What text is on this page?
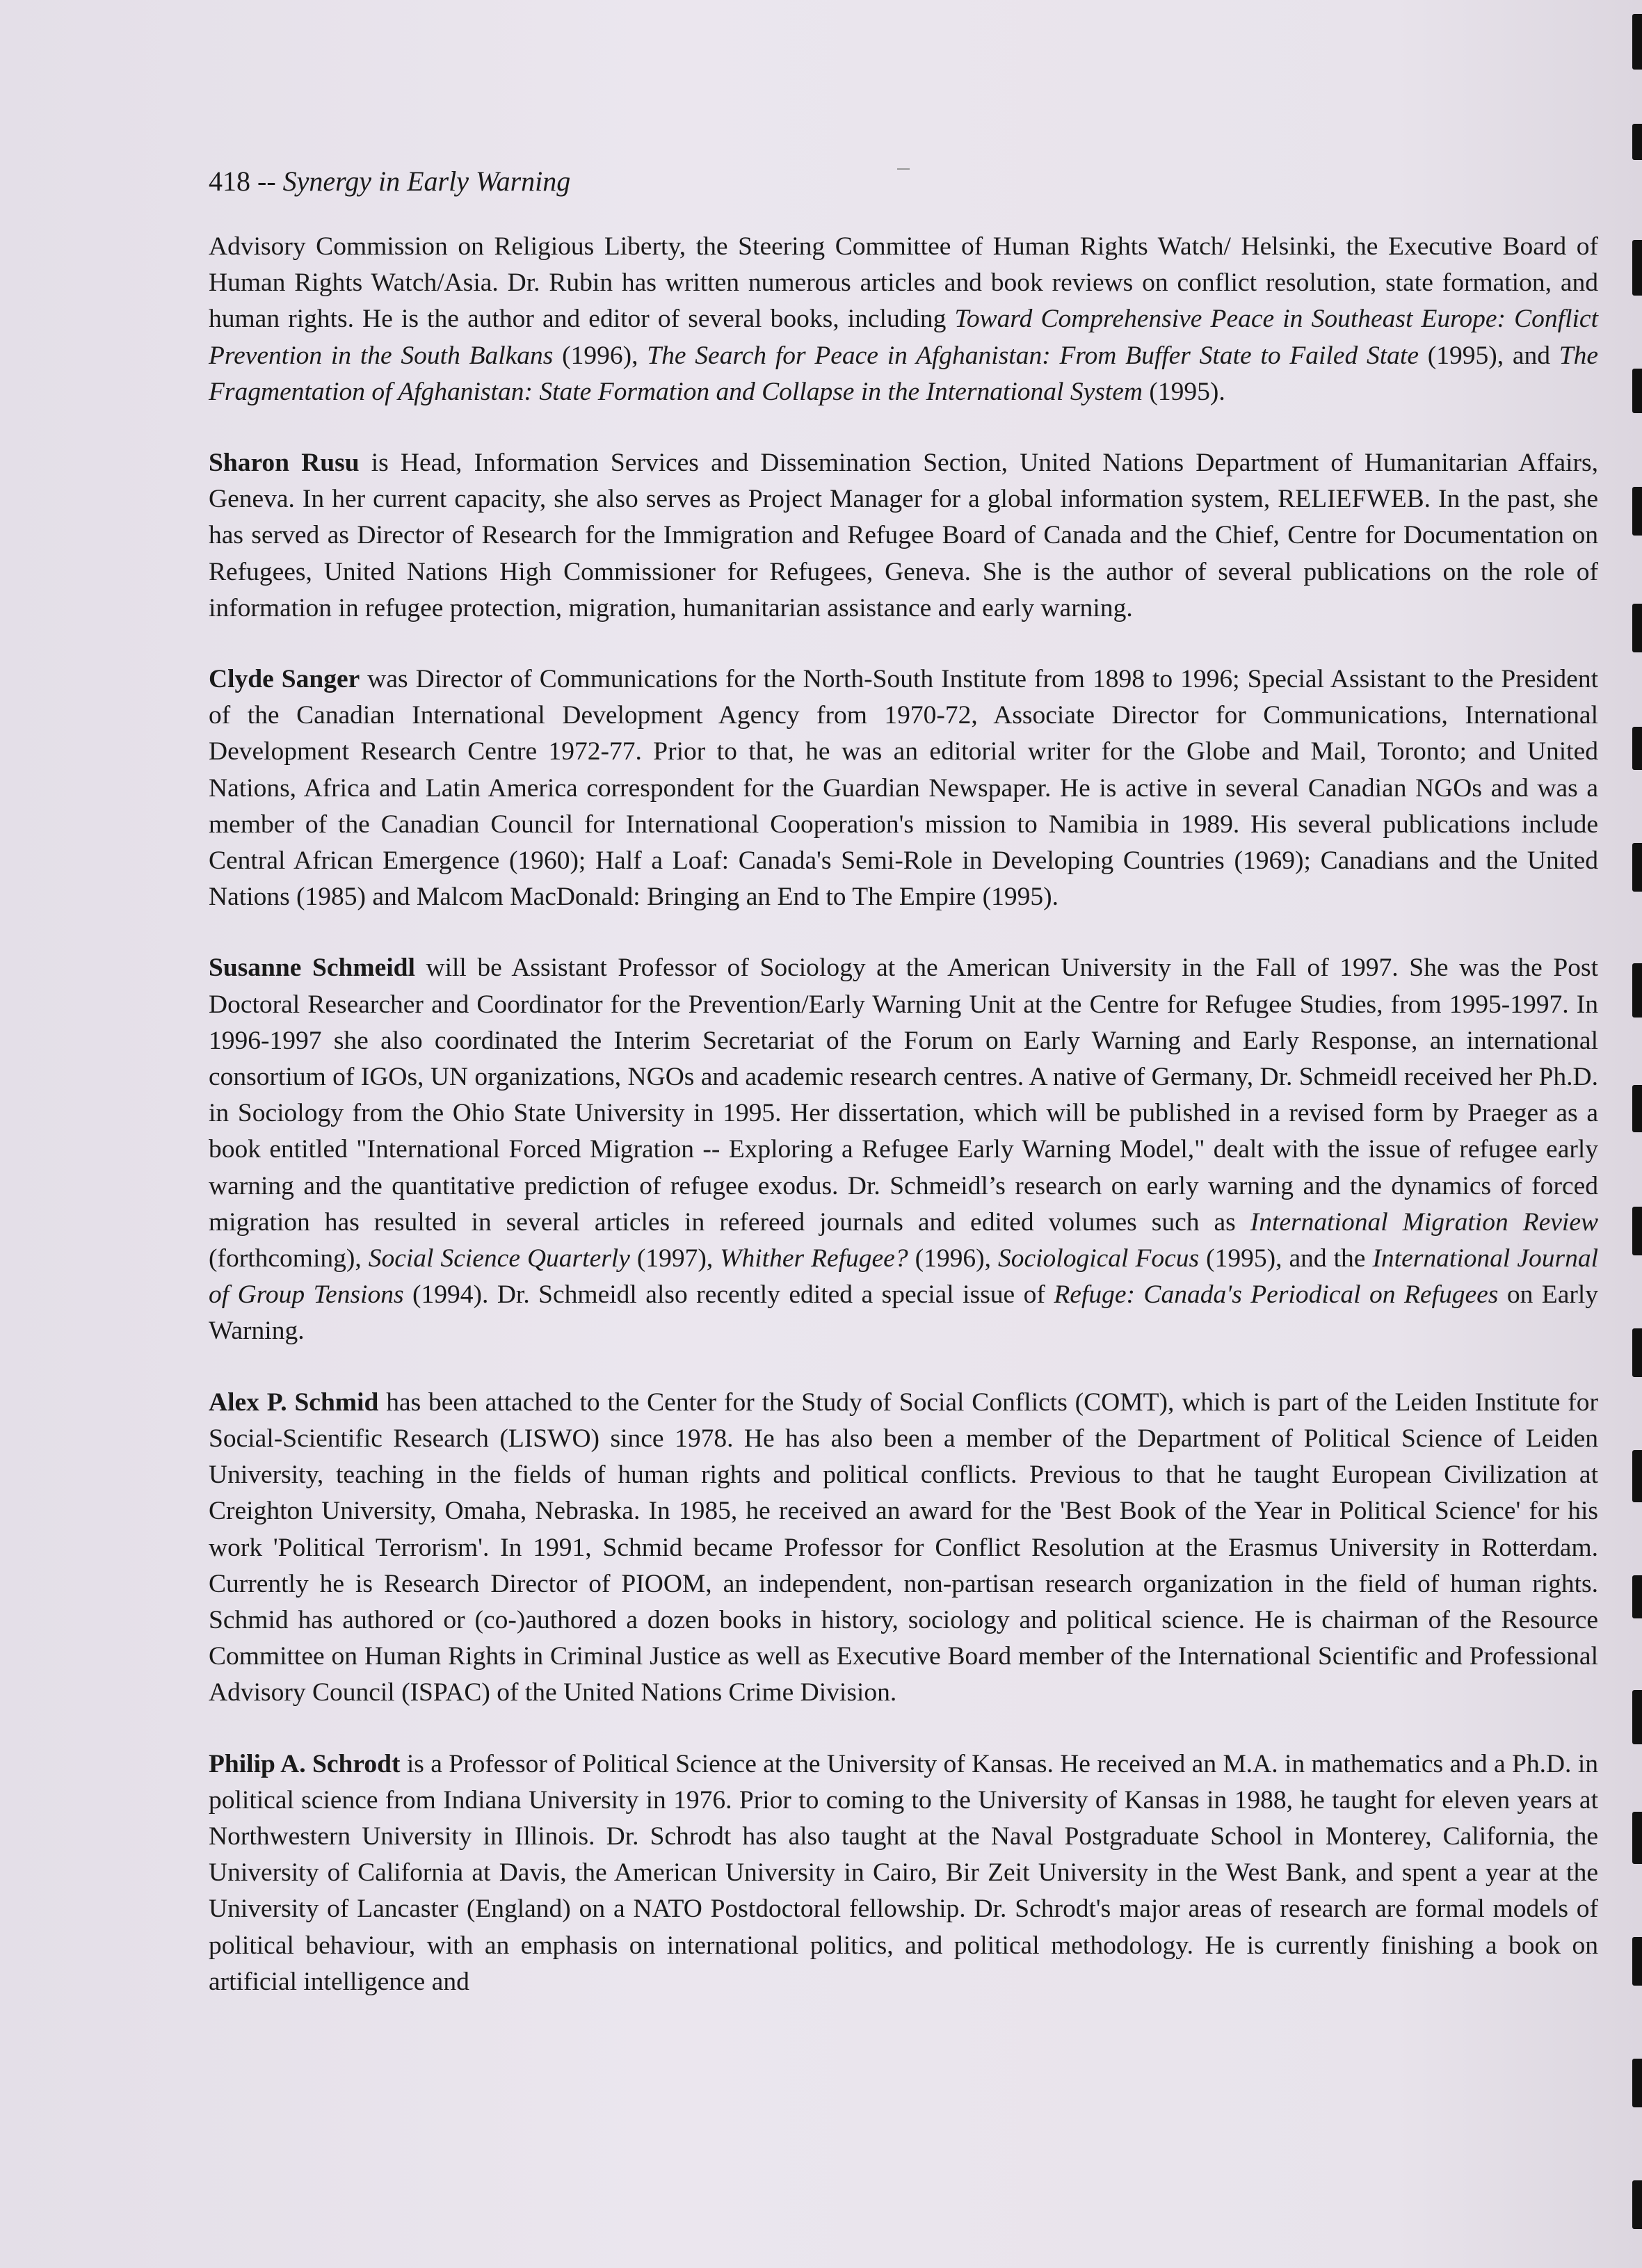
418 -- Synergy in Early Warning

Advisory Commission on Religious Liberty, the Steering Committee of Human Rights Watch/ Helsinki, the Executive Board of Human Rights Watch/Asia. Dr. Rubin has written numerous articles and book reviews on conflict resolution, state formation, and human rights. He is the author and editor of several books, including Toward Comprehensive Peace in Southeast Europe: Conflict Prevention in the South Balkans (1996), The Search for Peace in Afghanistan: From Buffer State to Failed State (1995), and The Fragmentation of Afghanistan: State Formation and Collapse in the International System (1995).

Sharon Rusu is Head, Information Services and Dissemination Section, United Nations Department of Humanitarian Affairs, Geneva. In her current capacity, she also serves as Project Manager for a global information system, RELIEFWEB. In the past, she has served as Director of Research for the Immigration and Refugee Board of Canada and the Chief, Centre for Documentation on Refugees, United Nations High Commissioner for Refugees, Geneva. She is the author of several publications on the role of information in refugee protection, migration, humanitarian assistance and early warning.

Clyde Sanger was Director of Communications for the North-South Institute from 1898 to 1996; Special Assistant to the President of the Canadian International Development Agency from 1970-72, Associate Director for Communications, International Development Research Centre 1972-77. Prior to that, he was an editorial writer for the Globe and Mail, Toronto; and United Nations, Africa and Latin America correspondent for the Guardian Newspaper. He is active in several Canadian NGOs and was a member of the Canadian Council for International Cooperation's mission to Namibia in 1989. His several publications include Central African Emergence (1960); Half a Loaf: Canada's Semi-Role in Developing Countries (1969); Canadians and the United Nations (1985) and Malcom MacDonald: Bringing an End to The Empire (1995).

Susanne Schmeidl will be Assistant Professor of Sociology at the American University in the Fall of 1997. She was the Post Doctoral Researcher and Coordinator for the Prevention/Early Warning Unit at the Centre for Refugee Studies, from 1995-1997. In 1996-1997 she also coordinated the Interim Secretariat of the Forum on Early Warning and Early Response, an international consortium of IGOs, UN organizations, NGOs and academic research centres. A native of Germany, Dr. Schmeidl received her Ph.D. in Sociology from the Ohio State University in 1995. Her dissertation, which will be published in a revised form by Praeger as a book entitled "International Forced Migration -- Exploring a Refugee Early Warning Model," dealt with the issue of refugee early warning and the quantitative prediction of refugee exodus. Dr. Schmeidl’s research on early warning and the dynamics of forced migration has resulted in several articles in refereed journals and edited volumes such as International Migration Review (forthcoming), Social Science Quarterly (1997), Whither Refugee? (1996), Sociological Focus (1995), and the International Journal of Group Tensions (1994). Dr. Schmeidl also recently edited a special issue of Refuge: Canada's Periodical on Refugees on Early Warning.

Alex P. Schmid has been attached to the Center for the Study of Social Conflicts (COMT), which is part of the Leiden Institute for Social-Scientific Research (LISWO) since 1978. He has also been a member of the Department of Political Science of Leiden University, teaching in the fields of human rights and political conflicts. Previous to that he taught European Civilization at Creighton University, Omaha, Nebraska. In 1985, he received an award for the 'Best Book of the Year in Political Science' for his work 'Political Terrorism'. In 1991, Schmid became Professor for Conflict Resolution at the Erasmus University in Rotterdam. Currently he is Research Director of PIOOM, an independent, non-partisan research organization in the field of human rights. Schmid has authored or (co-)authored a dozen books in history, sociology and political science. He is chairman of the Resource Committee on Human Rights in Criminal Justice as well as Executive Board member of the International Scientific and Professional Advisory Council (ISPAC) of the United Nations Crime Division.

Philip A. Schrodt is a Professor of Political Science at the University of Kansas. He received an M.A. in mathematics and a Ph.D. in political science from Indiana University in 1976. Prior to coming to the University of Kansas in 1988, he taught for eleven years at Northwestern University in Illinois. Dr. Schrodt has also taught at the Naval Postgraduate School in Monterey, California, the University of California at Davis, the American University in Cairo, Bir Zeit University in the West Bank, and spent a year at the University of Lancaster (England) on a NATO Postdoctoral fellowship. Dr. Schrodt's major areas of research are formal models of political behaviour, with an emphasis on international politics, and political methodology. He is currently finishing a book on artificial intelligence and
